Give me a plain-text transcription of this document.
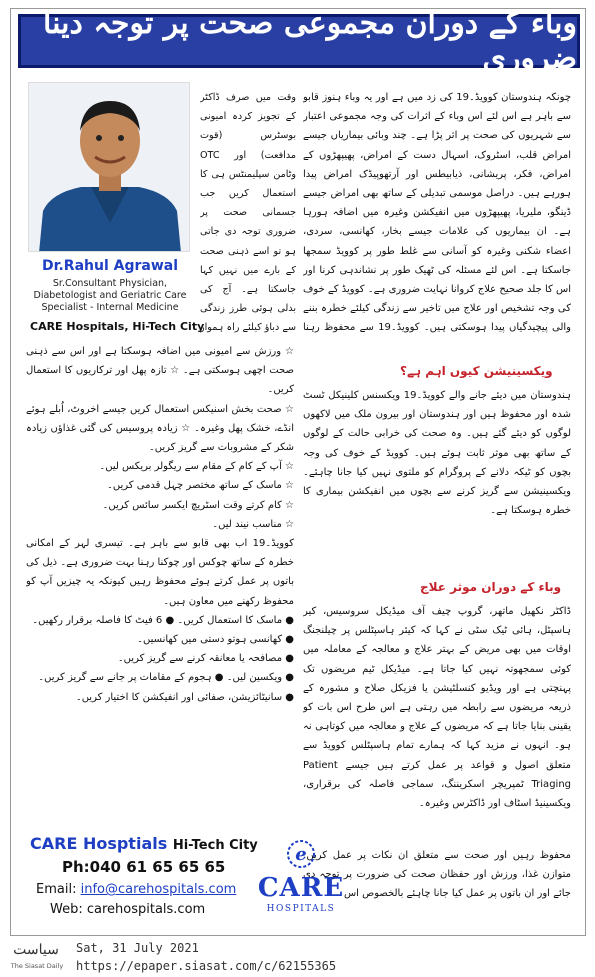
وباء کے دوران مجموعی صحت پر توجہ دینا ضروری
Dr.Rahul Agrawal
Sr.Consultant Physician,
Diabetologist and Geriatric Care
Specialist - Internal Medicine
CARE Hospitals, Hi-Tech City

چونکہ ہندوستان کوویڈ۔19 کی زد میں ہے اور یہ وباء ہنوز قابو سے باہر ہے اس لئے اس وباء کے اثرات کی وجہ مجموعی اعتبار سے شہریوں کی صحت پر اثر پڑا ہے۔ چند وبائی بیماریاں جیسے امراض قلب، اسٹروک، اسہال دست کے امراض، پھیپھڑوں کے امراض، فکر، پریشانی، ذیابیطس اور آرتھوپیڈک امراض پیدا ہورہے ہیں۔ دراصل موسمی تبدیلی کے ساتھ بھی امراض جیسے ڈینگو، ملیریا، پھیپھڑوں میں انفیکشن وغیرہ میں اضافہ ہورہا ہے۔ ان بیماریوں کی علامات جیسے بخار، کھانسی، سردی، اعضاء شکنی وغیرہ کو آسانی سے غلط طور پر کوویڈ سمجھا جاسکتا ہے۔ اس لئے مسئلہ کی ٹھیک طور پر نشاندہی کرنا اور اس کا جلد صحیح علاج کروانا نہایت ضروری ہے۔ کوویڈ کے خوف کی وجہ تشخیص اور علاج میں تاخیر سے زندگی کیلئے خطرہ بننے والی پیچیدگیاں پیدا ہوسکتی ہیں۔ کوویڈ۔19 سے محفوظ رہنا

وقت میں صرف ڈاکٹر کے تجویز کردہ امیونی بوسٹرس (قوت مدافعت) اور OTC وٹامن سپلیمنٹس ہی کا استعمال کریں جب جسمانی صحت پر ضروری توجہ دی جاتی ہو تو اسے ذہنی صحت کے بارے میں نہیں کہا جاسکتا ہے۔ آج کی بدلی ہوئی طرز زندگی سے دباؤ کیلئے راہ ہموار

ویکسینیشن کیوں اہم ہے؟

ہندوستان میں دیئے جانے والے کوویڈ۔19 ویکسنس کلینیکل ٹسٹ شدہ اور محفوظ ہیں اور ہندوستان اور بیرون ملک میں لاکھوں لوگوں کو دیئے گئے ہیں۔ وہ صحت کی خرابی حالت کے لوگوں کے ساتھ بھی موثر ثابت ہوئے ہیں۔ کوویڈ کے خوف کی وجہ بچوں کو ٹیکہ دلانے کے پروگرام کو ملتوی نہیں کیا جانا چاہئے۔ ویکسینیشن سے گریز کرنے سے بچوں میں انفیکشن بیماری کا خطرہ ہوسکتا ہے۔

وباء کے دوران موثر علاج

ڈاکٹر نکھیل ماتھر، گروپ چیف آف میڈیکل سروسیس، کیر ہاسپٹل، ہائی ٹیک سٹی نے کہا کہ کیئر ہاسپٹلس پر چیلنجنگ اوقات میں بھی مریض کے بہتر علاج و معالجہ کے معاملہ میں کوئی سمجھوتہ نہیں کیا جاتا ہے۔ میڈیکل ٹیم مریضوں تک پہنچتی ہے اور ویڈیو کنسلٹیشن یا فزیکل صلاح و مشورہ کے ذریعہ مریضوں سے رابطہ میں رہتی ہے اس طرح اس بات کو یقینی بنایا جاتا ہے کہ مریضوں کے علاج و معالجہ میں کوتاہی نہ ہو۔ انہوں نے مزید کہا کہ ہمارے تمام ہاسپٹلس کوویڈ سے متعلق اصول و قواعد پر عمل کرتے ہیں جیسے Patient Triaging ٹمپریچر اسکریننگ، سماجی فاصلہ کی برقراری، ویکسینیڈ اسٹاف اور ڈاکٹرس وغیرہ۔

محفوظ رہیں اور صحت سے متعلق ان نکات پر عمل کریں: متوازن غذا، ورزش اور حفظان صحت کی ضرورت پر توجہ دی جائے اور ان باتوں پر عمل کیا جانا چاہئے بالخصوص اس

☆ ورزش سے امیونی میں اضافہ ہوسکتا ہے اور اس سے ذہنی صحت اچھی ہوسکتی ہے۔ ☆ تازہ پھل اور ترکاریوں کا استعمال کریں۔
☆ صحت بخش اسنیکس استعمال کریں جیسے اخروٹ، اُبلے ہوئے انڈے، خشک پھل وغیرہ۔ ☆ زیادہ پروسیس کی گئی غذاؤں زیادہ شکر کے مشروبات سے گریز کریں۔
☆ آپ کے کام کے مقام سے ریگولر بریکس لیں۔
☆ ماسک کے ساتھ مختصر چہل قدمی کریں۔
☆ کام کرتے وقت اسٹریچ ایکسر سائس کریں۔
☆ مناسب نیند لیں۔

کوویڈ۔19 اب بھی قابو سے باہر ہے۔ تیسری لہر کے امکانی خطرہ کے ساتھ چوکس اور چوکنا رہنا بہت ضروری ہے۔ ذیل کی باتوں پر عمل کرتے ہوئے محفوظ رہیں کیونکہ یہ چیزیں آپ کو محفوظ رکھنے میں معاون ہیں۔

● ماسک کا استعمال کریں۔ ● 6 فیٹ کا فاصلہ برقرار رکھیں۔
● کھانسی ہوتو دستی میں کھانسیں۔
● مصافحہ یا معانقہ کرنے سے گریز کریں۔
● ویکسین لیں۔ ● ہجوم کے مقامات پر جانے سے گریز کریں۔
● سانیٹائزیشن، صفائی اور انفیکشن کا اختیار کریں۔
CARE Hosptials Hi-Tech City
Ph:040 61 65 65 65
Email: info@carehospitals.com
Web: carehospitals.com
e
CARE
HOSPITALS
سیاست
The Siasat Daily
Sat, 31 July 2021
https://epaper.siasat.com/c/62155365
